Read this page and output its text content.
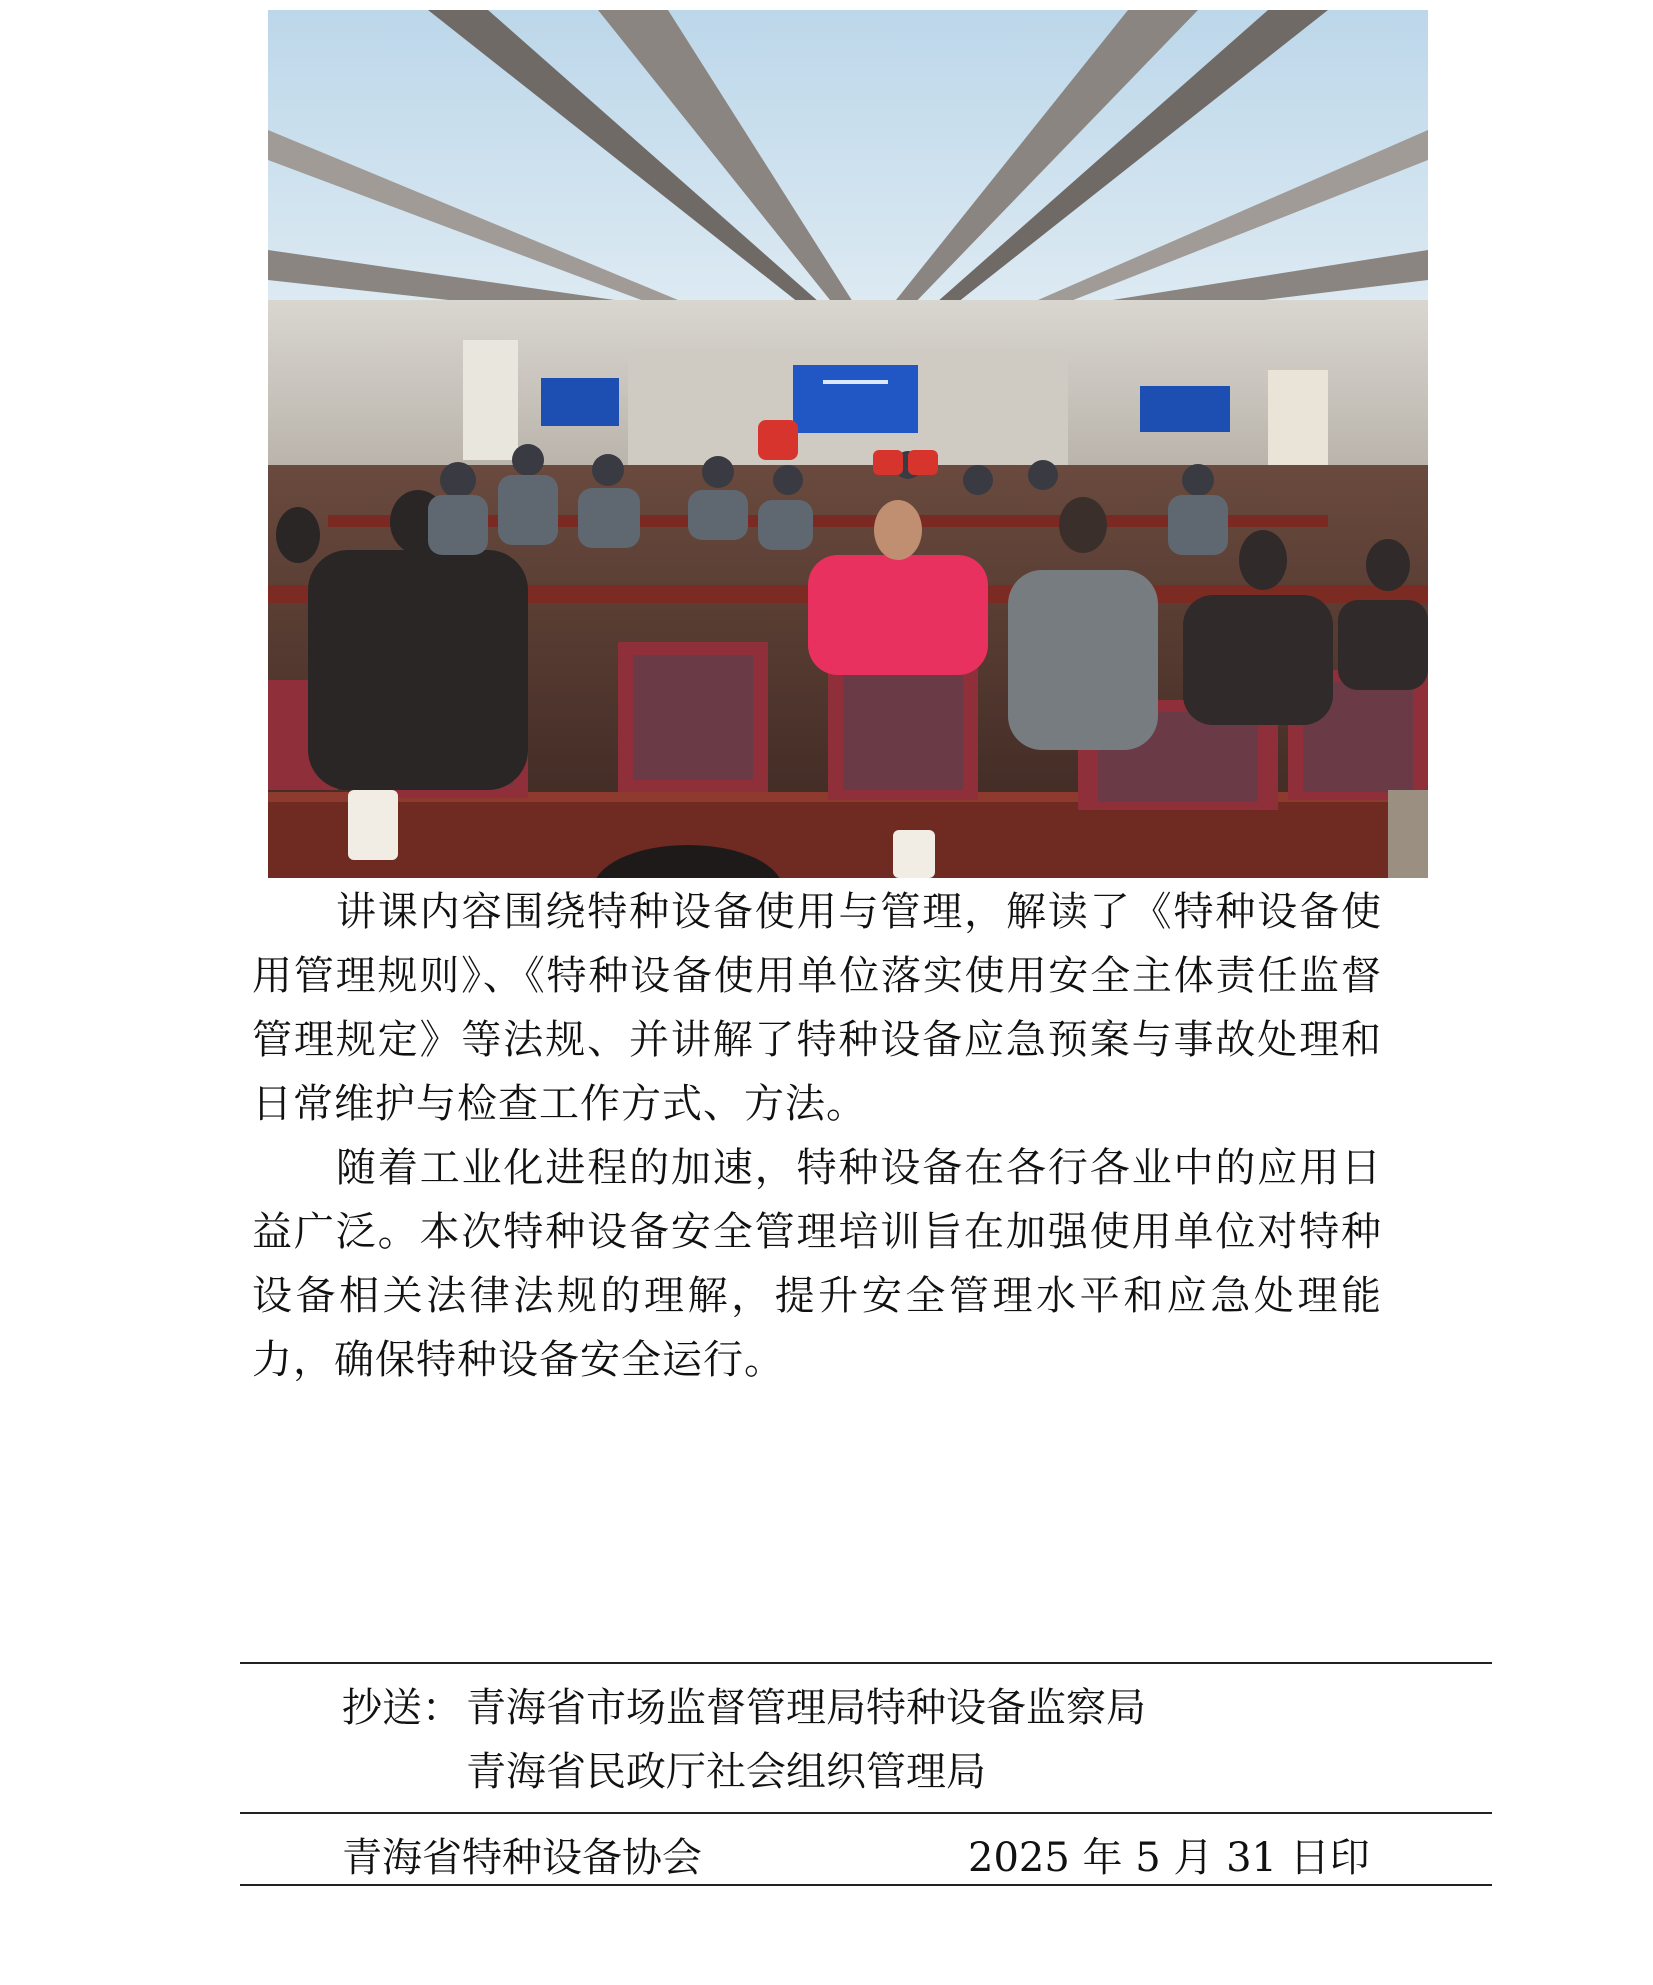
讲课内容围绕特种设备使用与管理，解读了《特种设备使用管理规则》、《特种设备使用单位落实使用安全主体责任监督管理规定》等法规、并讲解了特种设备应急预案与事故处理和日常维护与检查工作方式、方法。

随着工业化进程的加速，特种设备在各行各业中的应用日益广泛。本次特种设备安全管理培训旨在加强使用单位对特种设备相关法律法规的理解，提升安全管理水平和应急处理能力，确保特种设备安全运行。

抄送： 青海省市场监督管理局特种设备监察局
青海省民政厅社会组织管理局
青海省特种设备协会	2025 年 5 月 31 日印
